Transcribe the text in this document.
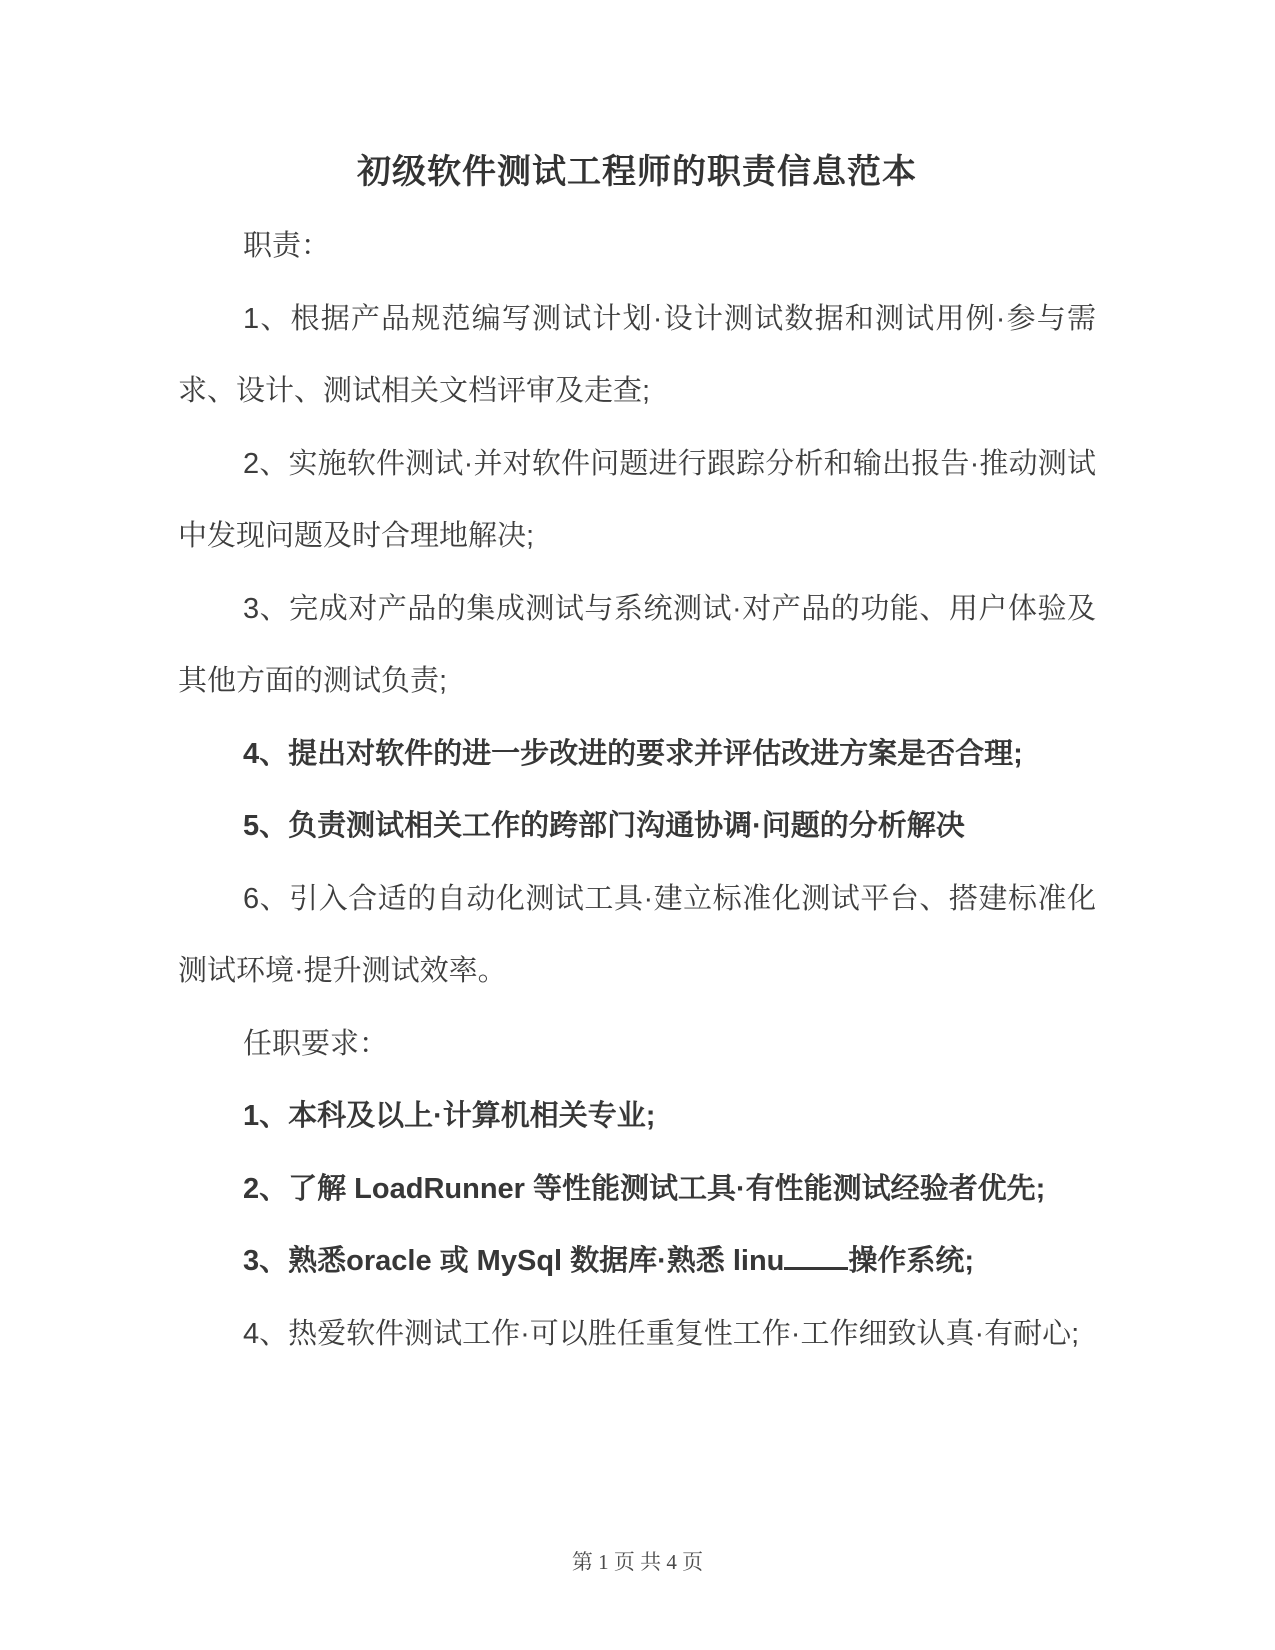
初级软件测试工程师的职责信息范本

职责：

1、根据产品规范编写测试计划·设计测试数据和测试用例·参与需求、设计、测试相关文档评审及走查;

2、实施软件测试·并对软件问题进行跟踪分析和输出报告·推动测试中发现问题及时合理地解决;

3、完成对产品的集成测试与系统测试·对产品的功能、用户体验及其他方面的测试负责;

4、提出对软件的进一步改进的要求并评估改进方案是否合理;

5、负责测试相关工作的跨部门沟通协调·问题的分析解决

6、引入合适的自动化测试工具·建立标准化测试平台、搭建标准化测试环境·提升测试效率。

任职要求：

1、本科及以上·计算机相关专业;

2、了解 LoadRunner 等性能测试工具·有性能测试经验者优先;

3、熟悉oracle 或 MySql 数据库·熟悉 linu 操作系统;

4、热爱软件测试工作·可以胜任重复性工作·工作细致认真·有耐心;

第 1 页 共 4 页
